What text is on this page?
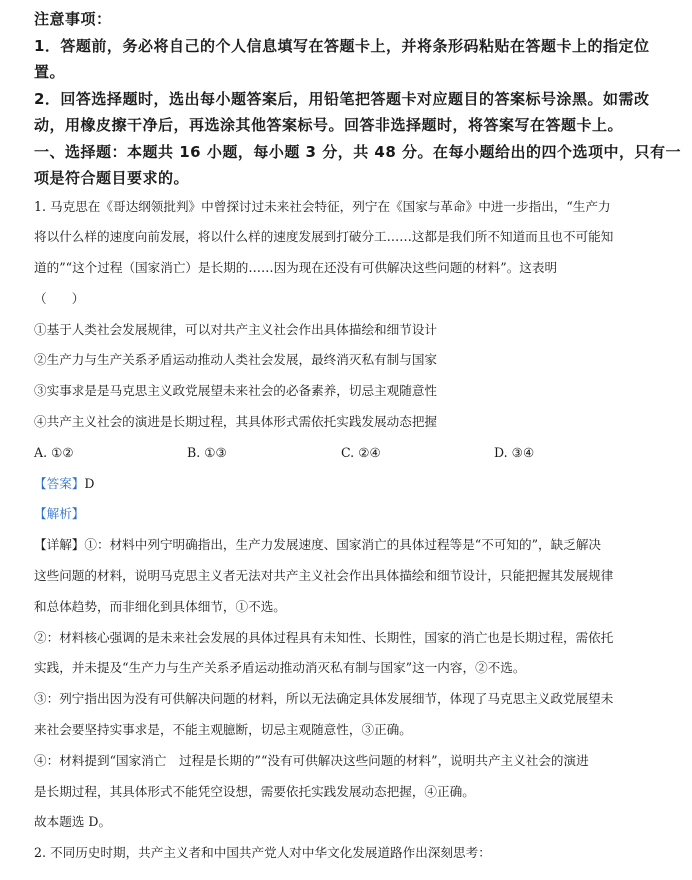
注意事项：

1．答题前，务必将自己的个人信息填写在答题卡上，并将条形码粘贴在答题卡上的指定位

置。

2．回答选择题时，选出每小题答案后，用铅笔把答题卡对应题目的答案标号涂黑。如需改

动，用橡皮擦干净后，再选涂其他答案标号。回答非选择题时，将答案写在答题卡上。

一、选择题：本题共 16 小题，每小题 3 分，共 48 分。在每小题给出的四个选项中，只有一

项是符合题目要求的。

1. 马克思在《哥达纲领批判》中曾探讨过未来社会特征，列宁在《国家与革命》中进一步指出，“生产力

将以什么样的速度向前发展，将以什么样的速度发展到打破分工……这都是我们所不知道而且也不可能知

道的”“这个过程（国家消亡）是长期的……因为现在还没有可供解决这些问题的材料”。这表明

（　　）

①基于人类社会发展规律，可以对共产主义社会作出具体描绘和细节设计

②生产力与生产关系矛盾运动推动人类社会发展，最终消灭私有制与国家

③实事求是是马克思主义政党展望未来社会的必备素养，切忌主观随意性

④共产主义社会的演进是长期过程，其具体形式需依托实践发展动态把握

A. ①②	B. ①③	C. ②④	D. ③④

【答案】D

【解析】

【详解】①：材料中列宁明确指出，生产力发展速度、国家消亡的具体过程等是“不可知的”，缺乏解决

这些问题的材料，说明马克思主义者无法对共产主义社会作出具体描绘和细节设计，只能把握其发展规律

和总体趋势，而非细化到具体细节，①不选。

②：材料核心强调的是未来社会发展的具体过程具有未知性、长期性，国家的消亡也是长期过程，需依托

实践，并未提及“生产力与生产关系矛盾运动推动消灭私有制与国家”这一内容，②不选。

③：列宁指出因为没有可供解决问题的材料，所以无法确定具体发展细节，体现了马克思主义政党展望未

来社会要坚持实事求是，不能主观臆断，切忌主观随意性，③正确。

④：材料提到“国家消亡　过程是长期的”“没有可供解决这些问题的材料”，说明共产主义社会的演进

是长期过程，其具体形式不能凭空设想，需要依托实践发展动态把握，④正确。

故本题选 D。

2. 不同历史时期，共产主义者和中国共产党人对中华文化发展道路作出深刻思考：
